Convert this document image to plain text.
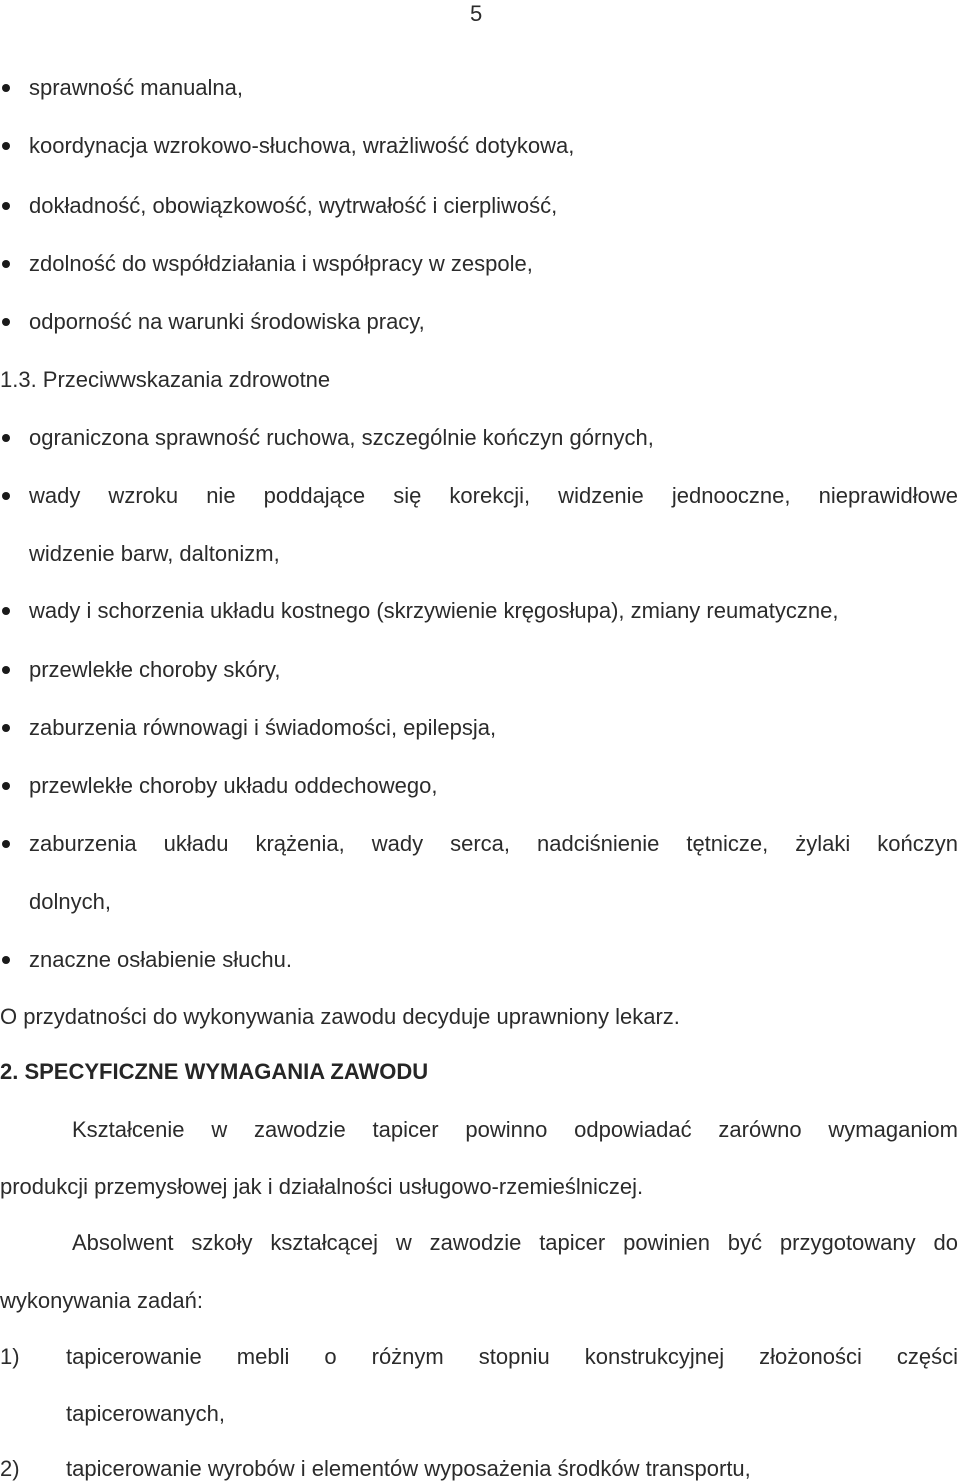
5
sprawność manualna,
koordynacja wzrokowo-słuchowa, wrażliwość dotykowa,
dokładność, obowiązkowość, wytrwałość i cierpliwość,
zdolność do współdziałania i współpracy w zespole,
odporność na warunki środowiska pracy,
1.3. Przeciwwskazania zdrowotne
ograniczona sprawność ruchowa, szczególnie kończyn górnych,
wady wzroku nie poddające się korekcji, widzenie jednooczne, nieprawidłowe
widzenie barw, daltonizm,
wady i schorzenia układu kostnego (skrzywienie kręgosłupa), zmiany reumatyczne,
przewlekłe choroby skóry,
zaburzenia równowagi i świadomości, epilepsja,
przewlekłe choroby układu oddechowego,
zaburzenia układu krążenia, wady serca, nadciśnienie tętnicze, żylaki kończyn
dolnych,
znaczne osłabienie słuchu.
O przydatności do wykonywania zawodu decyduje uprawniony lekarz.
2. SPECYFICZNE WYMAGANIA ZAWODU
Kształcenie w zawodzie tapicer powinno odpowiadać zarówno wymaganiom
produkcji przemysłowej jak i działalności usługowo-rzemieślniczej.
Absolwent szkoły kształcącej w zawodzie tapicer powinien być przygotowany do
wykonywania zadań:
1)	tapicerowanie mebli o różnym stopniu konstrukcyjnej złożoności części
tapicerowanych,
2)	tapicerowanie wyrobów i elementów wyposażenia środków transportu,
